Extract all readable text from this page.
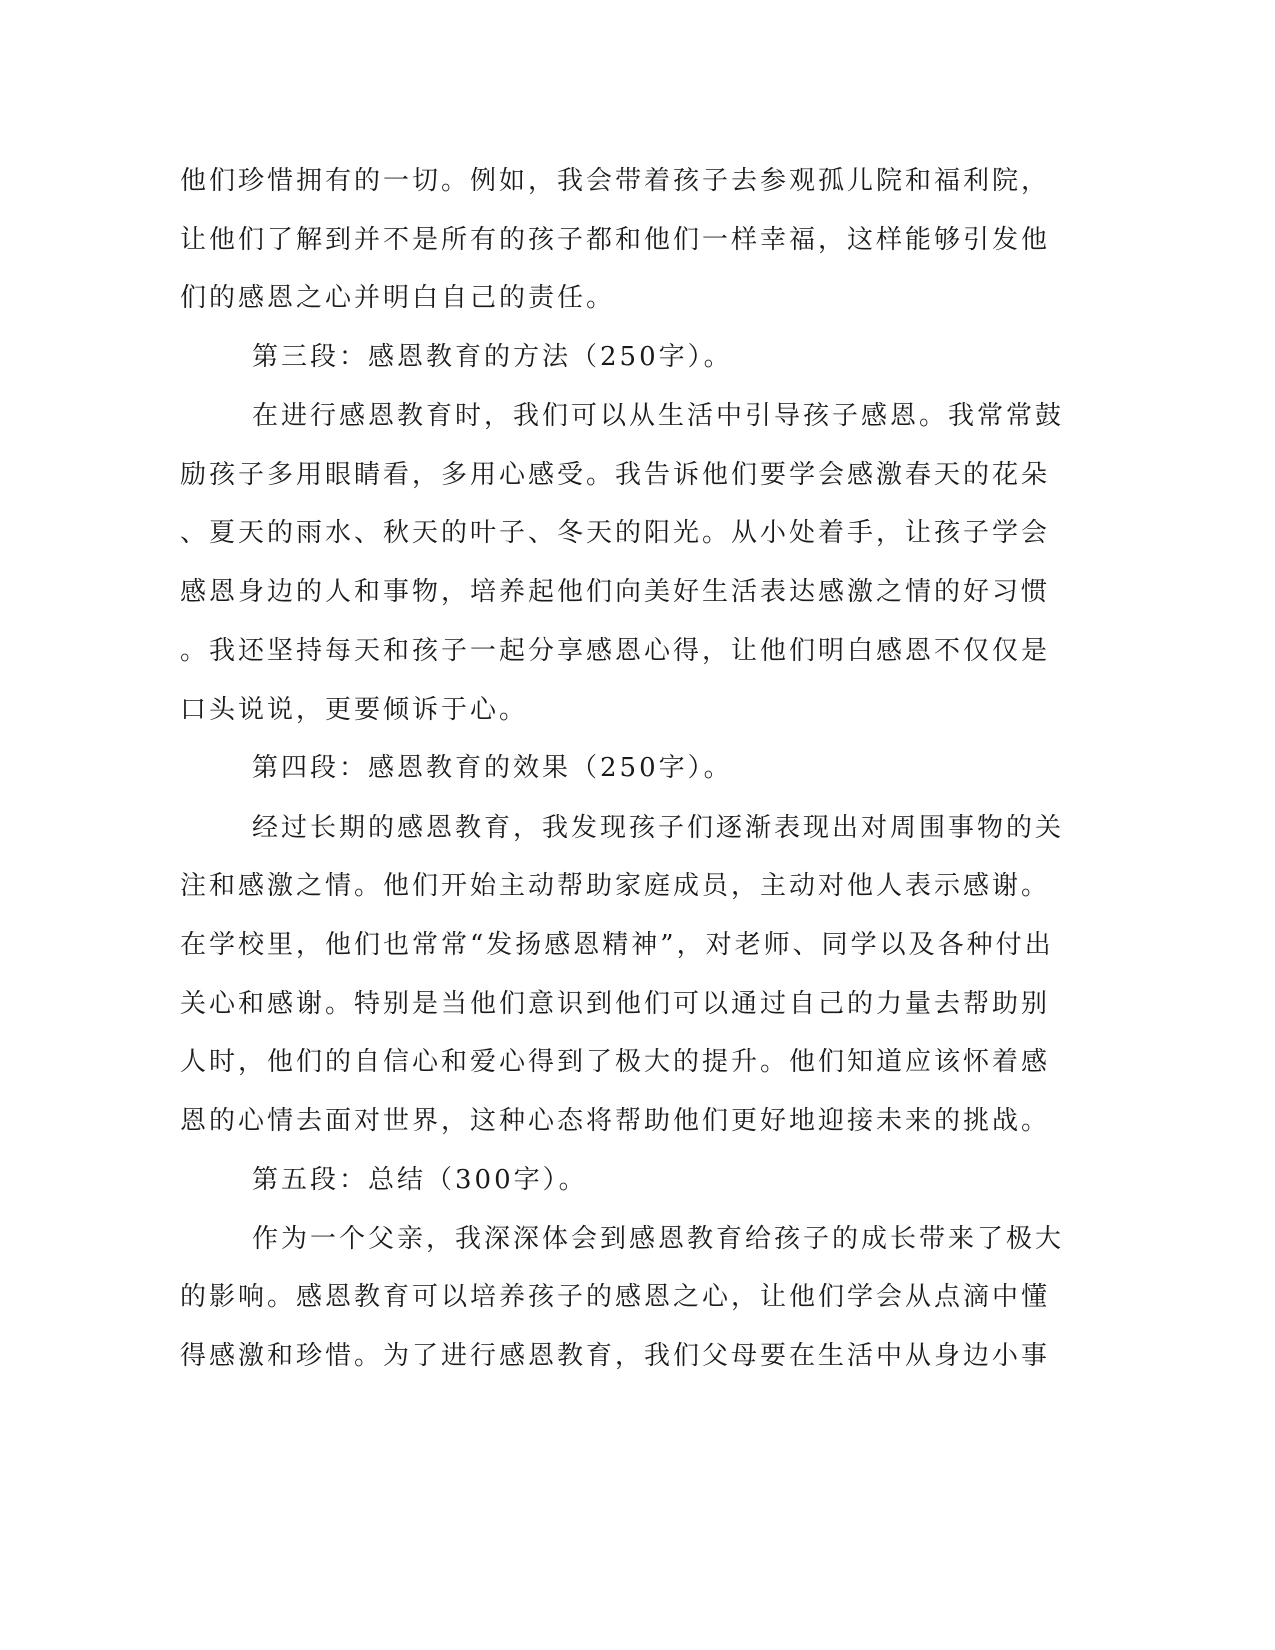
他们珍惜拥有的一切。例如，我会带着孩子去参观孤儿院和福利院，
让他们了解到并不是所有的孩子都和他们一样幸福，这样能够引发他
们的感恩之心并明白自己的责任。
第三段：感恩教育的方法（250字）。
在进行感恩教育时，我们可以从生活中引导孩子感恩。我常常鼓
励孩子多用眼睛看，多用心感受。我告诉他们要学会感激春天的花朵
、夏天的雨水、秋天的叶子、冬天的阳光。从小处着手，让孩子学会
感恩身边的人和事物，培养起他们向美好生活表达感激之情的好习惯
。我还坚持每天和孩子一起分享感恩心得，让他们明白感恩不仅仅是
口头说说，更要倾诉于心。
第四段：感恩教育的效果（250字）。
经过长期的感恩教育，我发现孩子们逐渐表现出对周围事物的关
注和感激之情。他们开始主动帮助家庭成员，主动对他人表示感谢。
在学校里，他们也常常“发扬感恩精神”，对老师、同学以及各种付出
关心和感谢。特别是当他们意识到他们可以通过自己的力量去帮助别
人时，他们的自信心和爱心得到了极大的提升。他们知道应该怀着感
恩的心情去面对世界，这种心态将帮助他们更好地迎接未来的挑战。
第五段：总结（300字）。
作为一个父亲，我深深体会到感恩教育给孩子的成长带来了极大
的影响。感恩教育可以培养孩子的感恩之心，让他们学会从点滴中懂
得感激和珍惜。为了进行感恩教育，我们父母要在生活中从身边小事
